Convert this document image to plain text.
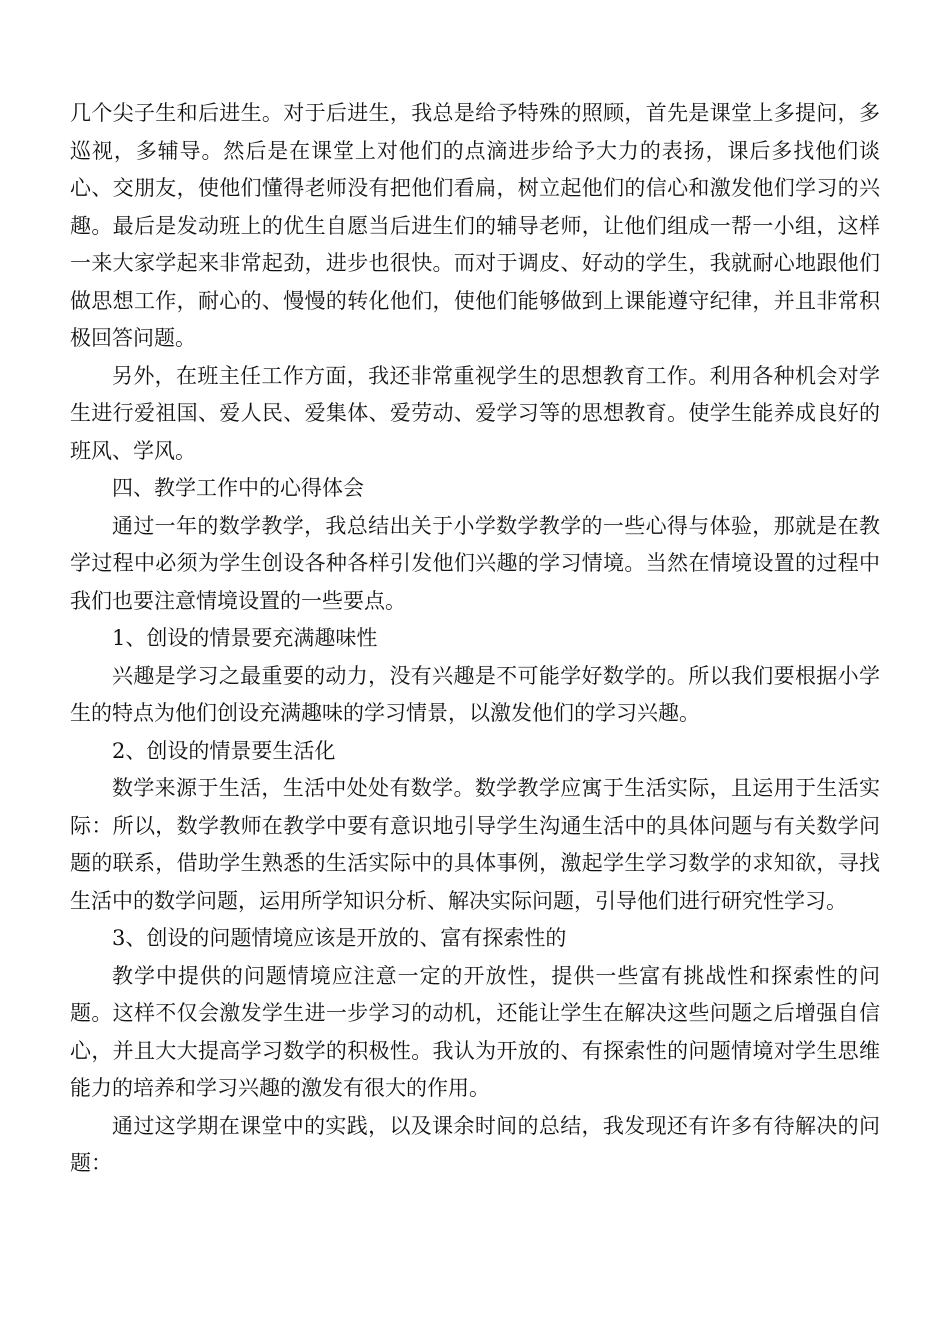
几个尖子生和后进生。对于后进生，我总是给予特殊的照顾，首先是课堂上多提问，多巡视，多辅导。然后是在课堂上对他们的点滴进步给予大力的表扬，课后多找他们谈心、交朋友，使他们懂得老师没有把他们看扁，树立起他们的信心和激发他们学习的兴趣。最后是发动班上的优生自愿当后进生们的辅导老师，让他们组成一帮一小组，这样一来大家学起来非常起劲，进步也很快。而对于调皮、好动的学生，我就耐心地跟他们做思想工作，耐心的、慢慢的转化他们，使他们能够做到上课能遵守纪律，并且非常积极回答问题。

另外，在班主任工作方面，我还非常重视学生的思想教育工作。利用各种机会对学生进行爱祖国、爱人民、爱集体、爱劳动、爱学习等的思想教育。使学生能养成良好的班风、学风。

四、教学工作中的心得体会

通过一年的数学教学，我总结出关于小学数学教学的一些心得与体验，那就是在教学过程中必须为学生创设各种各样引发他们兴趣的学习情境。当然在情境设置的过程中我们也要注意情境设置的一些要点。

1、创设的情景要充满趣味性

兴趣是学习之最重要的动力，没有兴趣是不可能学好数学的。所以我们要根据小学生的特点为他们创设充满趣味的学习情景，以激发他们的学习兴趣。

2、创设的情景要生活化

数学来源于生活，生活中处处有数学。数学教学应寓于生活实际，且运用于生活实际：所以，数学教师在教学中要有意识地引导学生沟通生活中的具体问题与有关数学问题的联系，借助学生熟悉的生活实际中的具体事例，激起学生学习数学的求知欲，寻找生活中的数学问题，运用所学知识分析、解决实际问题，引导他们进行研究性学习。

3、创设的问题情境应该是开放的、富有探索性的

教学中提供的问题情境应注意一定的开放性，提供一些富有挑战性和探索性的问题。这样不仅会激发学生进一步学习的动机，还能让学生在解决这些问题之后增强自信心，并且大大提高学习数学的积极性。我认为开放的、有探索性的问题情境对学生思维能力的培养和学习兴趣的激发有很大的作用。

通过这学期在课堂中的实践，以及课余时间的总结，我发现还有许多有待解决的问题：
